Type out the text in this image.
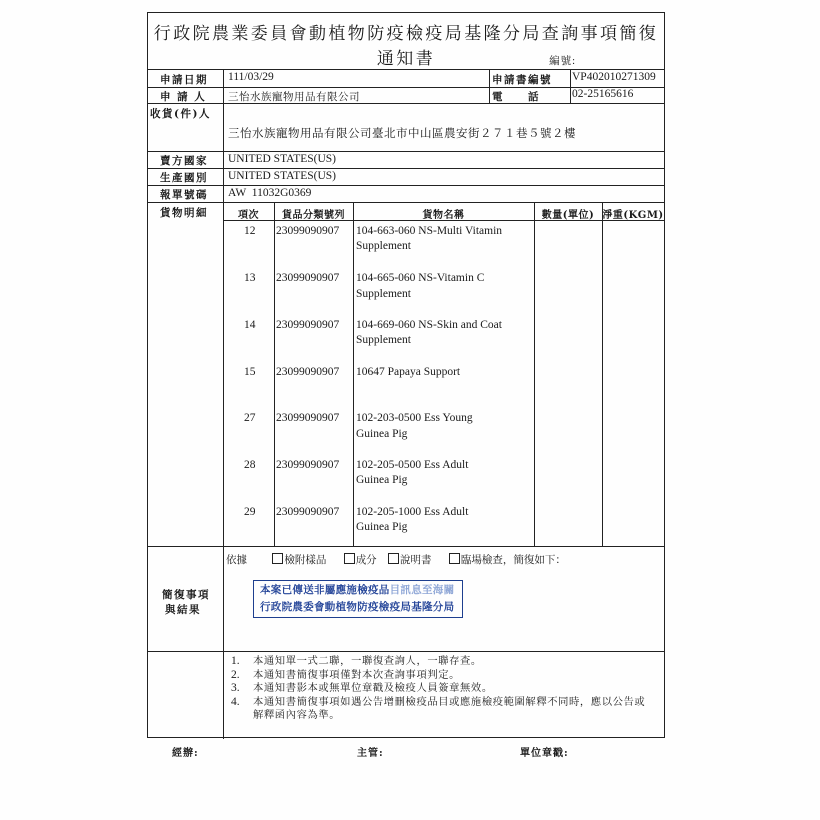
行政院農業委員會動植物防疫檢疫局基隆分局查詢事項簡復通知書	編號:
申請日期 111/03/29	申請書編號 VP402010271309
申 請 人 三怡水族寵物用品有限公司	電　　話	02-25165616
收貨(件)人
三怡水族寵物用品有限公司臺北市中山區農安街２７１巷５號２樓
賣方國家 UNITED STATES(US)
生產國別 UNITED STATES(US)
報單號碼 AW  11032G0369
貨物明細	項次	貨品分類號列	貨物名稱	數量(單位) 淨重(KGM)
12 23099090907 104-663-060 NS-Multi Vitamin
Supplement
13 23099090907 104-665-060 NS-Vitamin C
Supplement
14 23099090907 104-669-060 NS-Skin and Coat
Supplement
15 23099090907 10647 Papaya Support
27 23099090907 102-203-0500 Ess Young
Guinea Pig
28 23099090907 102-205-0500 Ess Adult
Guinea Pig
29 23099090907 102-205-1000 Ess Adult
Guinea Pig
簡復事項
與結果
依據	檢附樣品	成分 說明書	臨場檢查，簡復如下：
本案已傳送非屬應施檢疫品目訊息至海關
行政院農委會動植物防疫檢疫局基隆分局
1.	本通知單一式二聯，一聯復查詢人，一聯存查。
2.	本通知書簡復事項僅對本次查詢事項判定。
3.	本通知書影本或無單位章戳及檢疫人員簽章無效。
4.	本通知書簡復事項如遇公告增刪檢疫品目或應施檢疫範圍解釋不同時，應以公告或解釋函內容為準。
經辦:	主管:	單位章戳:
